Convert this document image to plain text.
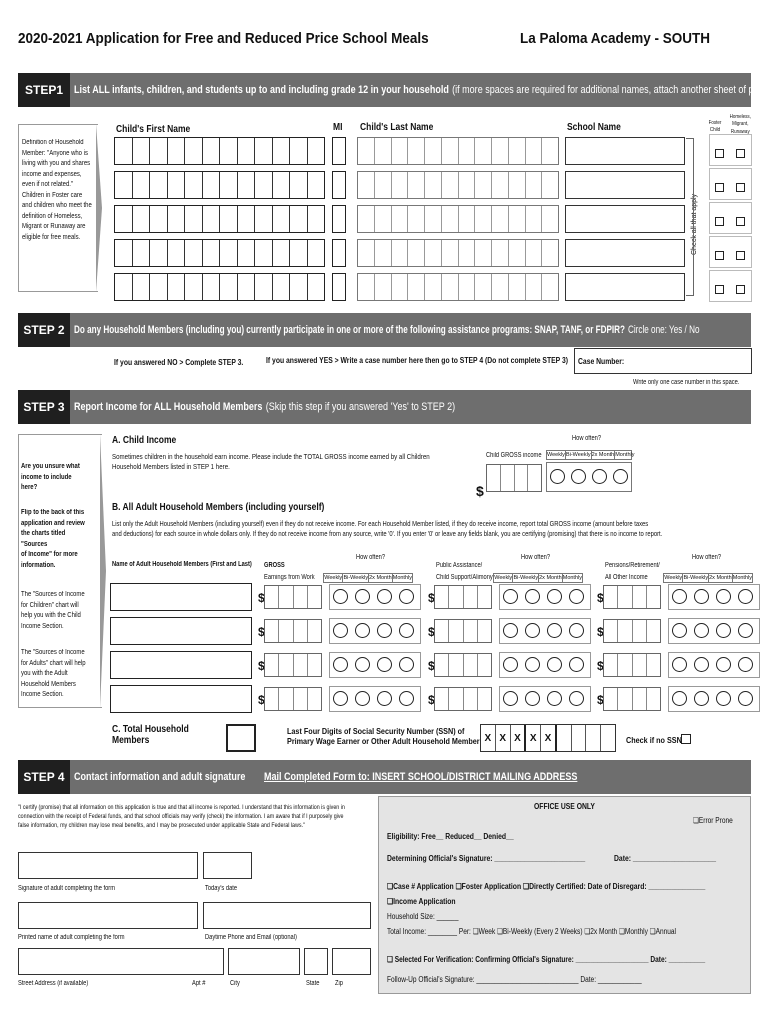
2020-2021 Application for Free and Reduced Price School Meals	La Paloma Academy - SOUTH
STEP1	List ALL infants, children, and students up to and including grade 12 in your household (if more spaces are required for additional names, attach another sheet of paper)
Definition of Household
Member: "Anyone who is
living with you and shares
income and expenses,
even if not related."
Children in Foster care
and children who meet the
definition of Homeless,
Migrant or Runaway are
eligible for free meals.
Child's First Name	MI Child's Last Name	School Name	Foster Child
Homeless, Migrant, Runaway
Check all that apply
STEP 2 Do any Household Members (including you) currently participate in one or more of the following assistance programs: SNAP, TANF, or FDPIR? Circle one: Yes / No
If you answered NO > Complete STEP 3.	If you answered YES > Write a case number here then go to STEP 4 (Do not complete STEP 3) Case Number:
Write only one case number in this space.
STEP 3 Report Income for ALL Household Members (Skip this step if you answered 'Yes' to STEP 2)
Are you unsure what
income to include
here?
Flip to the back of this
application and review
the charts titled
"Sources
of Income" for more
information.
The "Sources of Income
for Children" chart will
help you with the Child
Income Section.
The "Sources of Income
for Adults" chart will help
you with the Adult
Household Members
Income Section.
A. Child Income
Sometimes children in the household earn income. Please include the TOTAL GROSS income earned by all Children
Household Members listed in STEP 1 here.
Child GROSS income
How often?
Weekly Bi-Weekly 2x Month Monthly
$
B. All Adult Household Members (including yourself)
List only the Adult Household Members (including yourself) even if they do not receive income. For each Household Member listed, if they do receive income, report total GROSS income (amount before taxes
and deductions) for each source in whole dollars only. If they do not receive income from any source, write '0'. If you enter '0' or leave any fields blank, you are certifying (promising) that there is no income to report.
Name of Adult Household Members (First and Last) GROSS
Earnings from Work
Public Assistance/
Child Support/Alimony
Pensions/Retirement/
All Other Income
How often?	How often?	How often?
Weekly Bi-Weekly 2x Month Monthly	Weekly Bi-Weekly 2x Month Monthly	Weekly Bi-Weekly 2x Month Monthly
$	$	$
$	$	$
$	$	$
$	$	$
C. Total Household
Members
Last Four Digits of Social Security Number (SSN) of
Primary Wage Earner or Other Adult Household Member X X X X X	Check if no SSN
STEP 4 Contact information and adult signature Mail Completed Form to: INSERT SCHOOL/DISTRICT MAILING ADDRESS
"I certify (promise) that all information on this application is true and that all income is reported. I understand that this information is given in
connection with the receipt of Federal funds, and that school officials may verify (check) the information. I am aware that if I purposely give
false information, my children may lose meal benefits, and I may be prosecuted under applicable State and Federal laws."
Signature of adult completing the form	Today's date
Printed name of adult completing the form	Daytime Phone and Email (optional)
Street Address (if available)	Apt #	City	State Zip
OFFICE USE ONLY
❏Error Prone
Eligibility: Free__ Reduced__ Denied__
Determining Official's Signature: ________________________	Date: ______________________
❏Case # Application ❏Foster Application ❏Directly Certified: Date of Disregard: _______________
❏Income Application
Household Size: ______
Total Income: ________ Per: ❏Week ❏Bi-Weekly (Every 2 Weeks) ❏2x Month ❏Monthly ❏Annual
❏ Selected For Verification: Confirming Official's Signature: ____________________ Date: __________
Follow-Up Official's Signature: ____________________________ Date: ____________
